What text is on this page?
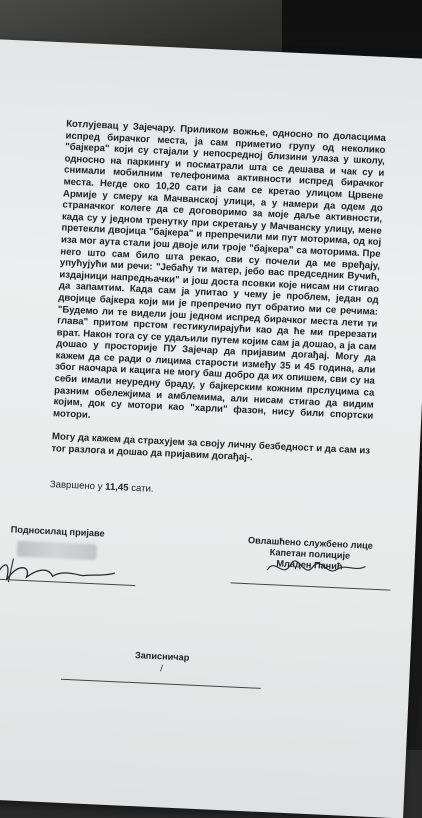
Котлујевац у Зајечару. Приликом вожње, односно по доласцима испред бирачког места, ја сам приметио групу од неколико "бајкера" који су стајали у непосредној близини улаза у школу, односно на паркингу и посматрали шта се дешава и чак су и снимали мобилним телефонима активности испред бирачког места. Негде око 10,20 сати ја сам се кретао улицом Црвене Армије у смеру ка Мачванској улици, а у намери да одем до страначког колеге да се договоримо за моје даље активности, када су у једном тренутку при скретању у Мачванску улицу, мене претекли двојица "бајкера" и препречили ми пут моторима, од кој иза мог аута стали још двоје или троје "бајкера" са моторима. Пре него што сам било шта рекао, сви су почели да ме вређају, упућујући ми речи: "Јебаћу ти матер, јебо вас председник Вучић, издајници напредњачки" и још доста псовки које нисам ни стигао да запамтим. Када сам ја упитао у чему је проблем, један од двојице бајкера који ми је препречио пут обратио ми се речима: "Будемо ли те видели још једном испред бирачког места лети ти глава" притом прстом гестикулирајући као да ће ми пререзати врат. Након тога су се удаљили путем којим сам ја дошао, а ја сам дошао у просторије ПУ Зајечар да пријавим догађај. Могу да кажем да се ради о лицима старости између 35 и 45 година, али због наочара и кацига не могу баш добро да их опишем, сви су на себи имали неуредну браду, у бајкерским кожним прслуцима са разним обележјима и амблемима, али нисам стигао да видим којим, док су мотори као "харли" фазон, нису били спортски мотори.

Могу да кажем да страхујем за своју личну безбедност и да сам из тог разлога и дошао да пријавим догађај-.
Завршено у 11,45 сати.
Подносилац пријаве
Овлашћено службено лице
Капетан полиције
Младен Панић
Записничар
/
